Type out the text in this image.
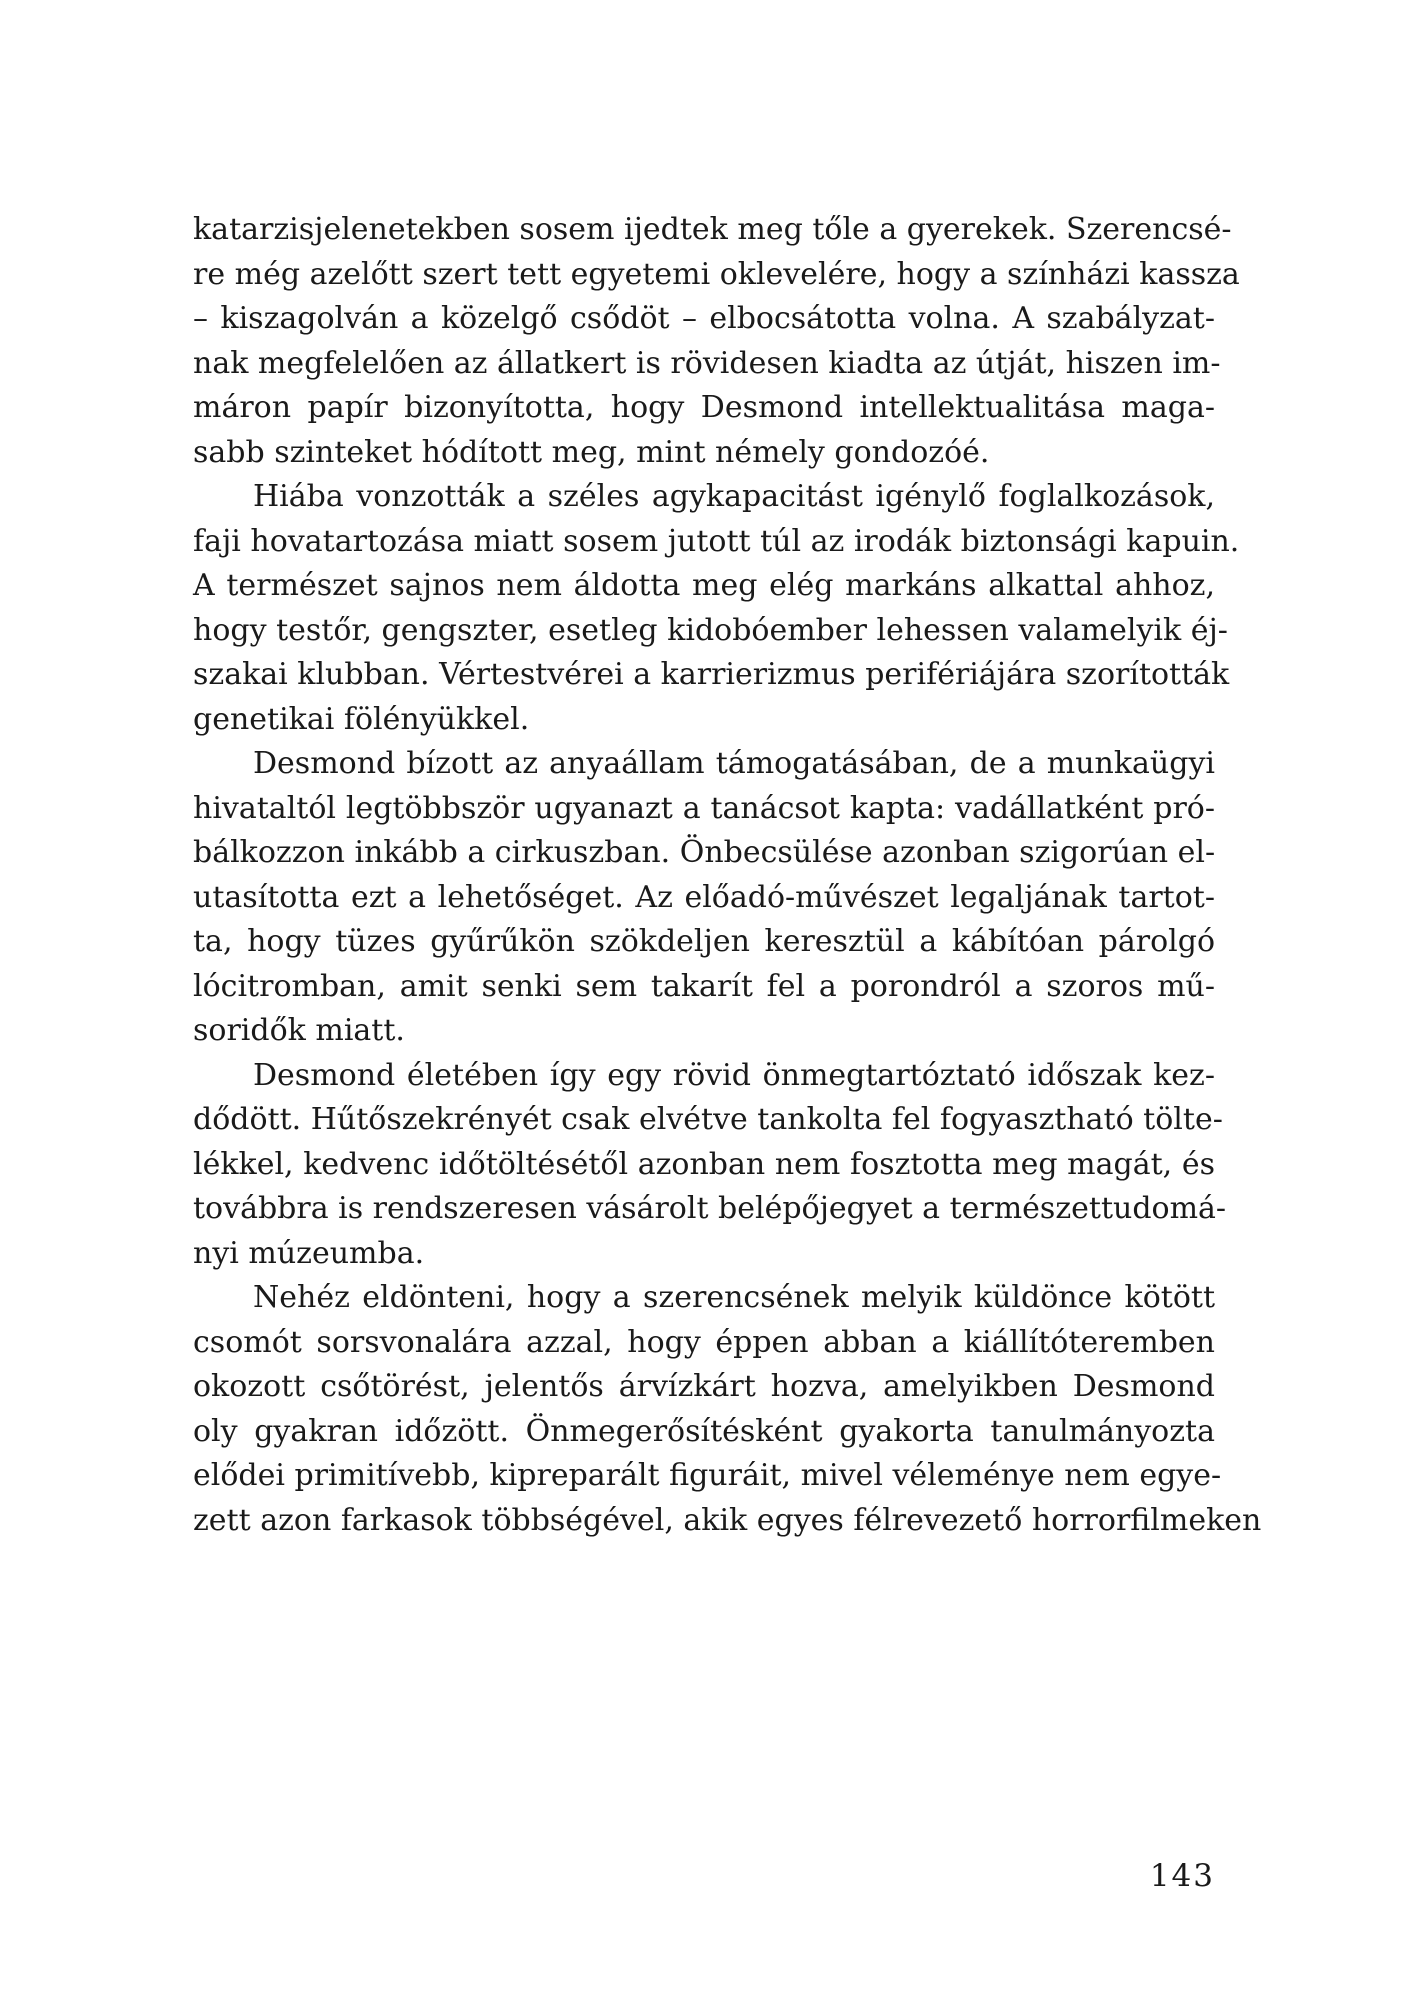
katarzisjelenetekben sosem ijedtek meg tőle a gyerekek. Szerencsé-
re még azelőtt szert tett egyetemi oklevelére, hogy a színházi kassza
– kiszagolván a közelgő csődöt – elbocsátotta volna. A szabályzat-
nak megfelelően az állatkert is rövidesen kiadta az útját, hiszen im-
máron papír bizonyította, hogy Desmond intellektualitása maga-
sabb szinteket hódított meg, mint némely gondozóé.

Hiába vonzották a széles agykapacitást igénylő foglalkozások,
faji hovatartozása miatt sosem jutott túl az irodák biztonsági kapuin.
A természet sajnos nem áldotta meg elég markáns alkattal ahhoz,
hogy testőr, gengszter, esetleg kidobóember lehessen valamelyik éj-
szakai klubban. Vértestvérei a karrierizmus perifériájára szorították
genetikai fölényükkel.

Desmond bízott az anyaállam támogatásában, de a munkaügyi
hivataltól legtöbbször ugyanazt a tanácsot kapta: vadállatként pró-
bálkozzon inkább a cirkuszban. Önbecsülése azonban szigorúan el-
utasította ezt a lehetőséget. Az előadó-művészet legaljának tartot-
ta, hogy tüzes gyűrűkön szökdeljen keresztül a kábítóan párolgó
lócitromban, amit senki sem takarít fel a porondról a szoros mű-
soridők miatt.

Desmond életében így egy rövid önmegtartóztató időszak kez-
dődött. Hűtőszekrényét csak elvétve tankolta fel fogyasztható tölte-
lékkel, kedvenc időtöltésétől azonban nem fosztotta meg magát, és
továbbra is rendszeresen vásárolt belépőjegyet a természettudomá-
nyi múzeumba.

Nehéz eldönteni, hogy a szerencsének melyik küldönce kötött
csomót sorsvonalára azzal, hogy éppen abban a kiállítóteremben
okozott csőtörést, jelentős árvízkárt hozva, amelyikben Desmond
oly gyakran időzött. Önmegerősítésként gyakorta tanulmányozta
elődei primitívebb, kipreparált figuráit, mivel véleménye nem egye-
zett azon farkasok többségével, akik egyes félrevezető horrorfilmeken

143
